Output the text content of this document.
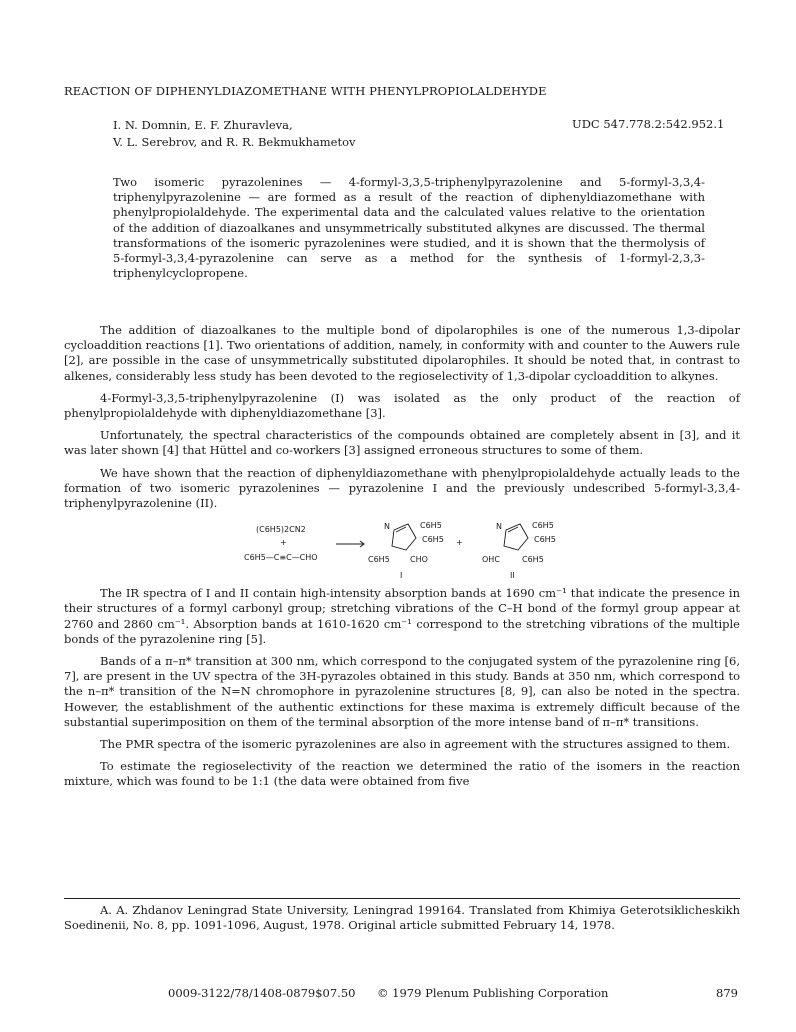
REACTION OF DIPHENYLDIAZOMETHANE WITH PHENYLPROPIOLALDEHYDE
I. N. Domnin, E. F. Zhuravleva,
V. L. Serebrov, and R. R. Bekmukhametov
UDC 547.778.2:542.952.1
Two isomeric pyrazolenines — 4-formyl-3,3,5-triphenylpyrazolenine and 5-formyl-3,3,4-triphenylpyrazolenine — are formed as a result of the reaction of diphenyldiazomethane with phenylpropiolaldehyde. The experimental data and the calculated values relative to the orientation of the addition of diazoalkanes and unsymmetrically substituted alkynes are discussed. The thermal transformations of the isomeric pyrazolenines were studied, and it is shown that the thermolysis of 5-formyl-3,3,4-pyrazolenine can serve as a method for the synthesis of 1-formyl-2,3,3-triphenylcyclopropene.

The addition of diazoalkanes to the multiple bond of dipolarophiles is one of the numerous 1,3-dipolar cycloaddition reactions [1]. Two orientations of addition, namely, in conformity with and counter to the Auwers rule [2], are possible in the case of unsymmetrically substituted dipolarophiles. It should be noted that, in contrast to alkenes, considerably less study has been devoted to the regioselectivity of 1,3-dipolar cycloaddition to alkynes.

4-Formyl-3,3,5-triphenylpyrazolenine (I) was isolated as the only product of the reaction of phenylpropiolaldehyde with diphenyldiazomethane [3].

Unfortunately, the spectral characteristics of the compounds obtained are completely absent in [3], and it was later shown [4] that Hüttel and co-workers [3] assigned erroneous structures to some of them.

We have shown that the reaction of diphenyldiazomethane with phenylpropiolaldehyde actually leads to the formation of two isomeric pyrazolenines — pyrazolenine I and the previously undescribed 5-formyl-3,3,4-triphenylpyrazolenine (II).

(C6H5)2CN2
+
C6H5—C≡C—CHO
N	C6H5
C6H5
C6H5	CHO
I
+
N	C6H5
C6H5
OHC	C6H5
II

The IR spectra of I and II contain high-intensity absorption bands at 1690 cm⁻¹ that indicate the presence in their structures of a formyl carbonyl group; stretching vibrations of the C–H bond of the formyl group appear at 2760 and 2860 cm⁻¹. Absorption bands at 1610-1620 cm⁻¹ correspond to the stretching vibrations of the multiple bonds of the pyrazolenine ring [5].

Bands of a π–π* transition at 300 nm, which correspond to the conjugated system of the pyrazolenine ring [6, 7], are present in the UV spectra of the 3H-pyrazoles obtained in this study. Bands at 350 nm, which correspond to the n–π* transition of the N=N chromophore in pyrazolenine structures [8, 9], can also be noted in the spectra. However, the establishment of the authentic extinctions for these maxima is extremely difficult because of the substantial superimposition on them of the terminal absorption of the more intense band of π–π* transitions.

The PMR spectra of the isomeric pyrazolenines are also in agreement with the structures assigned to them.

To estimate the regioselectivity of the reaction we determined the ratio of the isomers in the reaction mixture, which was found to be 1:1 (the data were obtained from five

A. A. Zhdanov Leningrad State University, Leningrad 199164. Translated from Khimiya Geterotsiklicheskikh Soedinenii, No. 8, pp. 1091-1096, August, 1978. Original article submitted February 14, 1978.

0009-3122/78/1408-0879$07.50 © 1979 Plenum Publishing Corporation	879
